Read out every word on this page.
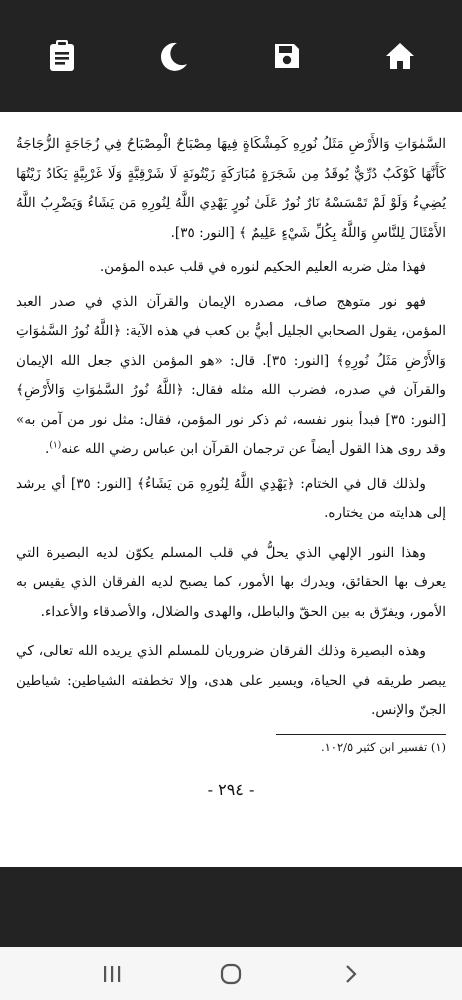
السَّمٰوَاتِ وَالأَرْضِ مَثَلُ نُورِهِ كَمِشْكَاةٍ فِيهَا مِصْبَاحٌ الْمِصْبَاحُ فِي زُجَاجَةٍ الزُّجَاجَةُ كَأَنَّهَا كَوْكَبٌ دُرِّيٌّ يُوقَدُ مِن شَجَرَةٍ مُبَارَكَةٍ زَيْتُونَةٍ لَا شَرْقِيَّةٍ وَلَا غَرْبِيَّةٍ يَكَادُ زَيْتُهَا يُضِيءُ وَلَوْ لَمْ تَمْسَسْهُ نَارٌ نُورٌ عَلَىٰ نُورٍ يَهْدِي اللَّهُ لِنُورِهِ مَن يَشَاءُ وَيَضْرِبُ اللَّهُ الأَمْثَالَ لِلنَّاسِ وَاللَّهُ بِكُلِّ شَيْءٍ عَلِيمٌ ﴾ [النور: ٣٥].

فهذا مثل ضربه العليم الحكيم لنوره في قلب عبده المؤمن.

فهو نور متوهج صاف، مصدره الإيمان والقرآن الذي في صدر العبد المؤمن، يقول الصحابي الجليل أبيُّ بن كعب في هذه الآية: ﴿اللَّهُ نُورُ السَّمٰوَاتِ وَالأَرْضِ مَثَلُ نُورِهِ﴾ [النور: ٣٥]. قال: «هو المؤمن الذي جعل الله الإيمان والقرآن في صدره، فضرب الله مثله فقال: ﴿اللَّهُ نُورُ السَّمٰوَاتِ وَالأَرْضِ﴾ [النور: ٣٥] فبدأ بنور نفسه، ثم ذكر نور المؤمن، فقال: مثل نور من آمن به» وقد روى هذا القول أيضاً عن ترجمان القرآن ابن عباس رضي الله عنه$^{(١)}$.

ولذلك قال في الختام: ﴿يَهْدِي اللَّهُ لِنُورِهِ مَن يَشَاءُ﴾ [النور: ٣٥] أي يرشد إلى هدايته من يختاره.

وهذا النور الإلهي الذي يحلُّ في قلب المسلم يكوّن لديه البصيرة التي يعرف بها الحقائق، ويدرك بها الأمور، كما يصبح لديه الفرقان الذي يقيس به الأمور، ويفرّق به بين الحقّ والباطل، والهدى والضلال، والأصدقاء والأعداء.

وهذه البصيرة وذلك الفرقان ضروريان للمسلم الذي يريده الله تعالى، كي يبصر طريقه في الحياة، ويسير على هدى، وإلا تخطفته الشياطين: شياطين الجنّ والإنس.

(١) تفسير ابن كثير ١٠٢/٥.
- ٢٩٤ -
